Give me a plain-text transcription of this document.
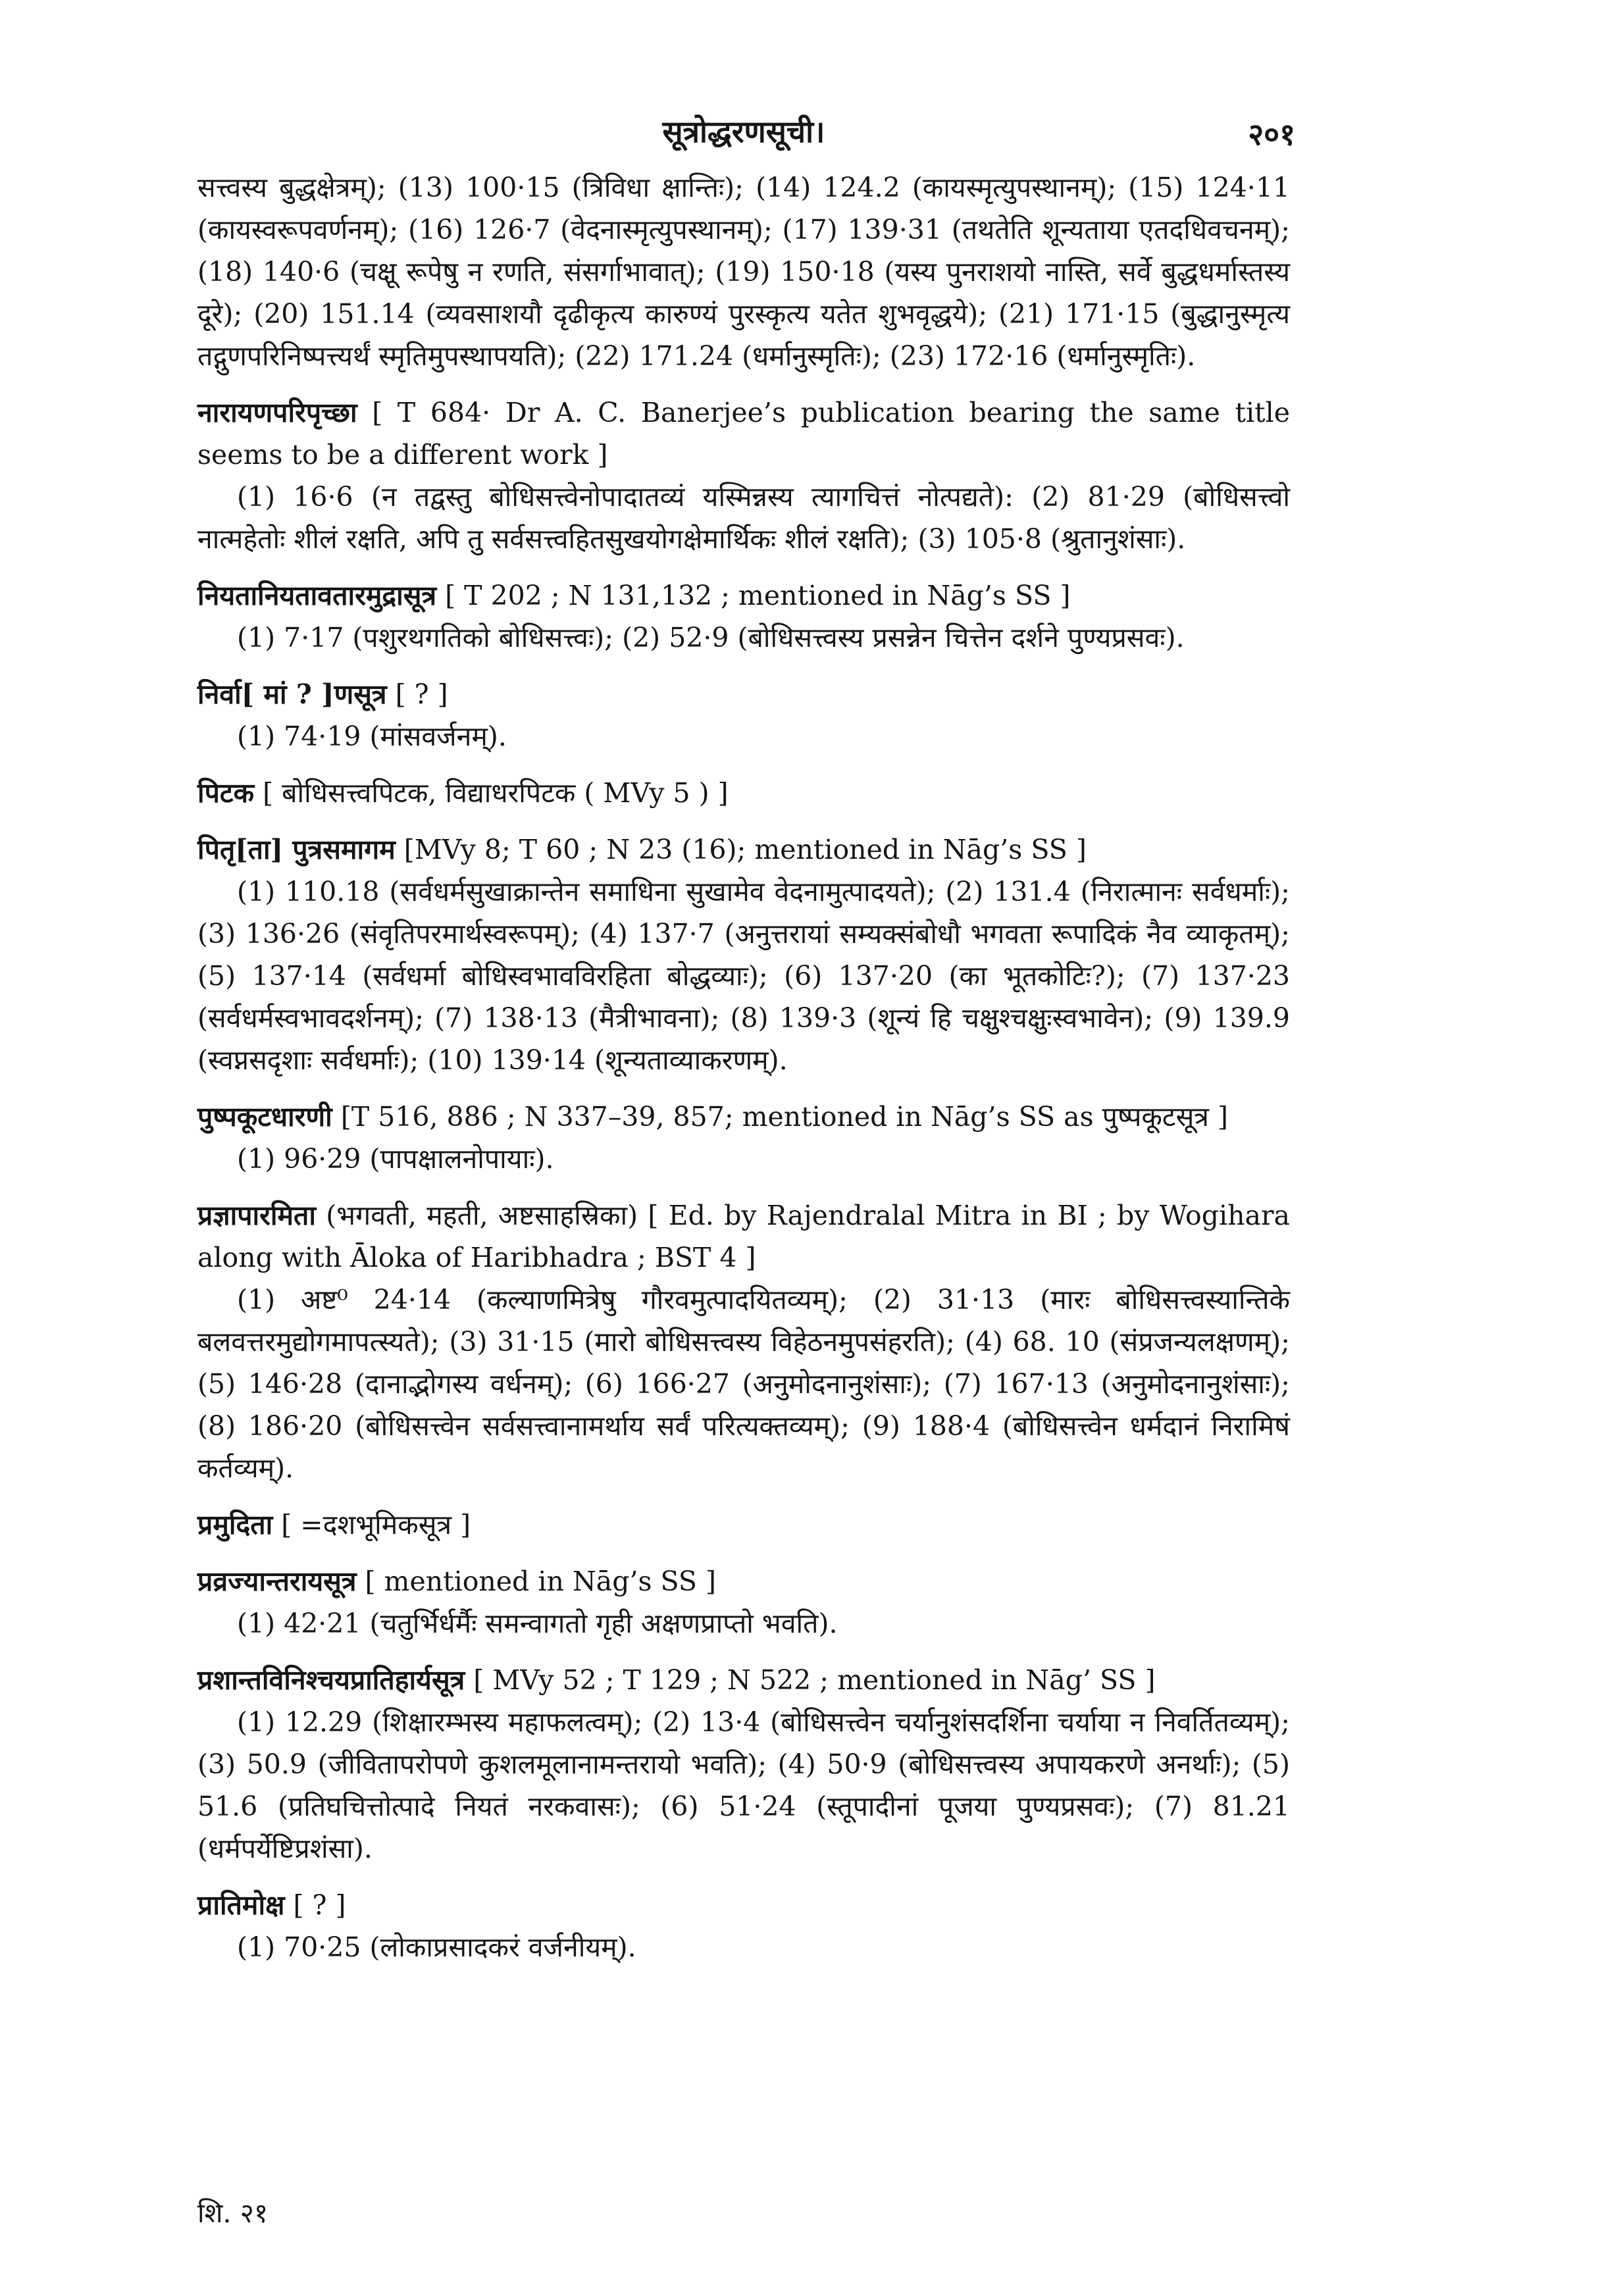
सूत्रोद्धरणसूची।	२०१

सत्त्वस्य बुद्धक्षेत्रम्); (13) 100·15 (त्रिविधा क्षान्तिः); (14) 124.2 (कायस्मृत्युपस्थानम्); (15) 124·11 (कायस्वरूपवर्णनम्); (16) 126·7 (वेदनास्मृत्युपस्थानम्); (17) 139·31 (तथतेति शून्यताया एतदधिवचनम्); (18) 140·6 (चक्षू रूपेषु न रणति, संसर्गाभावात्); (19) 150·18 (यस्य पुनराशयो नास्ति, सर्वे बुद्धधर्मास्तस्य दूरे); (20) 151.14 (व्यवसाशयौ दृढीकृत्य कारुण्यं पुरस्कृत्य यतेत शुभवृद्धये); (21) 171·15 (बुद्धानुस्मृत्य तद्गुणपरिनिष्पत्त्यर्थं स्मृतिमुपस्थापयति); (22) 171.24 (धर्मानुस्मृतिः); (23) 172·16 (धर्मानुस्मृतिः).

नारायणपरिपृच्छा [ T 684· Dr A. C. Banerjee’s publication bearing the same title seems to be a different work ]

(1) 16·6 (न तद्वस्तु बोधिसत्त्वेनोपादातव्यं यस्मिन्नस्य त्यागचित्तं नोत्पद्यते): (2) 81·29 (बोधिसत्त्वो नात्महेतोः शीलं रक्षति, अपि तु सर्वसत्त्वहितसुखयोगक्षेमार्थिकः शीलं रक्षति); (3) 105·8 (श्रुतानुशंसाः).

नियतानियतावतारमुद्रासूत्र [ T 202 ; N 131,132 ; mentioned in Nāg’s SS ]

(1) 7·17 (पशुरथगतिको बोधिसत्त्वः); (2) 52·9 (बोधिसत्त्वस्य प्रसन्नेन चित्तेन दर्शने पुण्यप्रसवः).

निर्वा[ मां ? ]णसूत्र [ ? ]

(1) 74·19 (मांसवर्जनम्).

पिटक [ बोधिसत्त्वपिटक, विद्याधरपिटक ( MVy 5 ) ]

पितृ[ता] पुत्रसमागम [MVy 8; T 60 ; N 23 (16); mentioned in Nāg’s SS ]

(1) 110.18 (सर्वधर्मसुखाक्रान्तेन समाधिना सुखामेव वेदनामुत्पादयते); (2) 131.4 (निरात्मानः सर्वधर्माः); (3) 136·26 (संवृतिपरमार्थस्वरूपम्); (4) 137·7 (अनुत्तरायां सम्यक्संबोधौ भगवता रूपादिकं नैव व्याकृतम्); (5) 137·14 (सर्वधर्मा बोधिस्वभावविरहिता बोद्धव्याः); (6) 137·20 (का भूतकोटिः?); (7) 137·23 (सर्वधर्मस्वभावदर्शनम्); (7) 138·13 (मैत्रीभावना); (8) 139·3 (शून्यं हि चक्षुश्चक्षुःस्वभावेन); (9) 139.9 (स्वप्नसदृशाः सर्वधर्माः); (10) 139·14 (शून्यताव्याकरणम्).

पुष्पकूटधारणी [T 516, 886 ; N 337–39, 857; mentioned in Nāg’s SS as पुष्पकूटसूत्र ]

(1) 96·29 (पापक्षालनोपायाः).

प्रज्ञापारमिता (भगवती, महती, अष्टसाहस्रिका) [ Ed. by Rajendralal Mitra in BI ; by Wogihara along with Āloka of Haribhadra ; BST 4 ]

(1) अष्ट⁰ 24·14 (कल्याणमित्रेषु गौरवमुत्पादयितव्यम्); (2) 31·13 (मारः बोधिसत्त्वस्यान्तिके बलवत्तरमुद्योगमापत्स्यते); (3) 31·15 (मारो बोधिसत्त्वस्य विहेठनमुपसंहरति); (4) 68. 10 (संप्रजन्यलक्षणम्); (5) 146·28 (दानाद्भोगस्य वर्धनम्); (6) 166·27 (अनुमोदनानुशंसाः); (7) 167·13 (अनुमोदनानुशंसाः); (8) 186·20 (बोधिसत्त्वेन सर्वसत्त्वानामर्थाय सर्वं परित्यक्तव्यम्); (9) 188·4 (बोधिसत्त्वेन धर्मदानं निरामिषं कर्तव्यम्).

प्रमुदिता [ =दशभूमिकसूत्र ]

प्रव्रज्यान्तरायसूत्र [ mentioned in Nāg’s SS ]

(1) 42·21 (चतुर्भिर्धर्मैः समन्वागतो गृही अक्षणप्राप्तो भवति).

प्रशान्तविनिश्चयप्रातिहार्यसूत्र [ MVy 52 ; T 129 ; N 522 ; mentioned in Nāg’ SS ]

(1) 12.29 (शिक्षारम्भस्य महाफलत्वम्); (2) 13·4 (बोधिसत्त्वेन चर्यानुशंसदर्शिना चर्याया न निवर्तितव्यम्); (3) 50.9 (जीवितापरोपणे कुशलमूलानामन्तरायो भवति); (4) 50·9 (बोधिसत्त्वस्य अपायकरणे अनर्थाः); (5) 51.6 (प्रतिघचित्तोत्पादे नियतं नरकवासः); (6) 51·24 (स्तूपादीनां पूजया पुण्यप्रसवः); (7) 81.21 (धर्मपर्येष्टिप्रशंसा).

प्रातिमोक्ष [ ? ]

(1) 70·25 (लोकाप्रसादकरं वर्जनीयम्).

शि. २१
